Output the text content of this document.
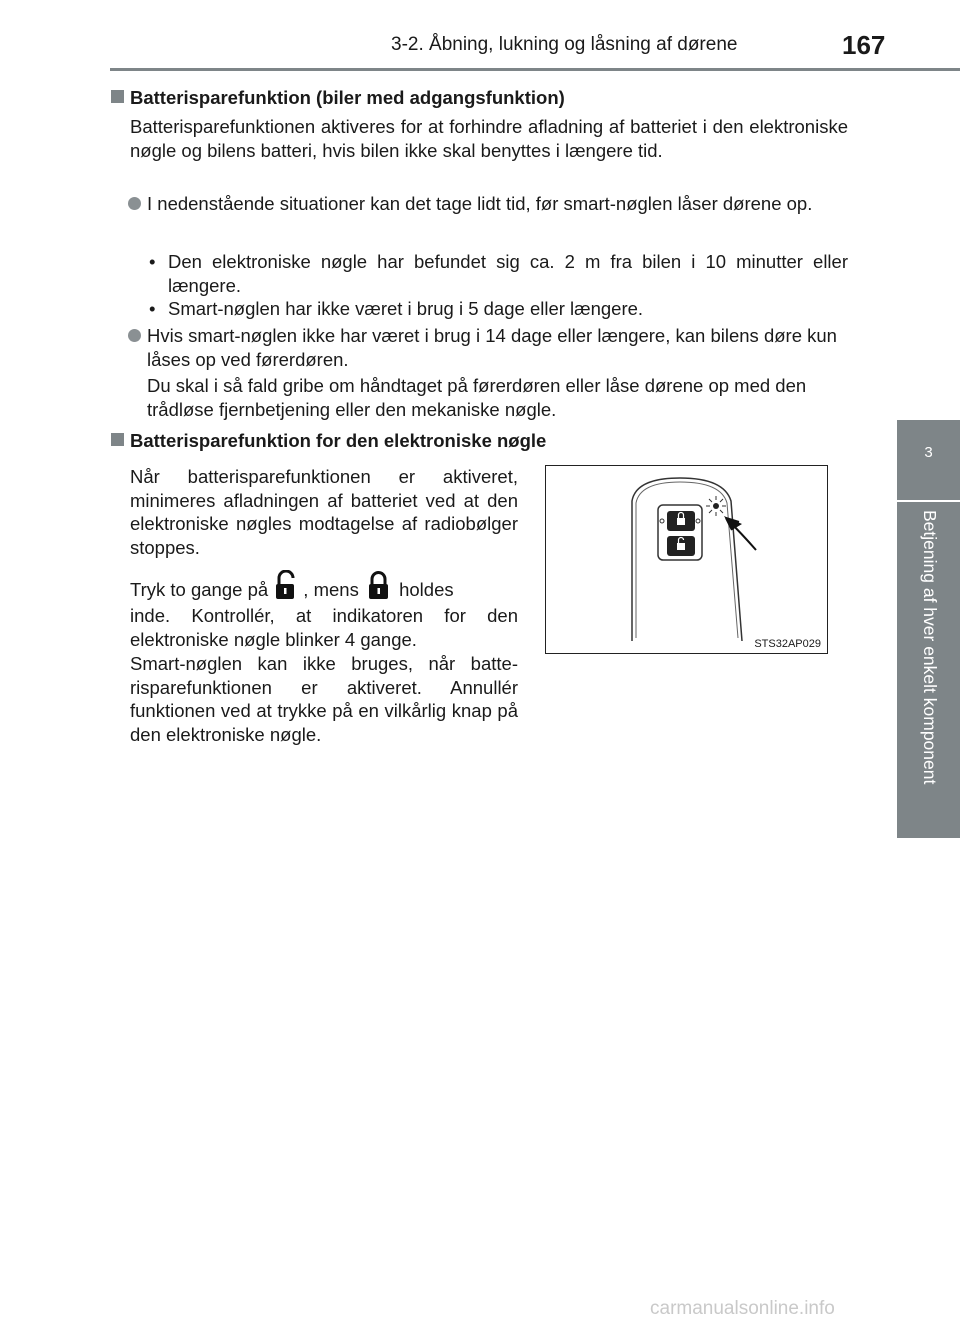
3-2. Åbning, lukning og låsning af dørene	167
3
Betjening af hver enkelt komponent
Batterisparefunktion (biler med adgangsfunktion)
Batterisparefunktionen aktiveres for at forhindre afladning af batteriet i den elektroniske nøgle og bilens batteri, hvis bilen ikke skal benyttes i længere tid.
I nedenstående situationer kan det tage lidt tid, før smart-nøglen låser dørene op.
• Den elektroniske nøgle har befundet sig ca. 2 m fra bilen i 10 minutter eller længere.
• Smart-nøglen har ikke været i brug i 5 dage eller længere.
Hvis smart-nøglen ikke har været i brug i 14 dage eller længere, kan bilens døre kun låses op ved førerdøren.
Du skal i så fald gribe om håndtaget på førerdøren eller låse dørene op med den trådløse fjernbetjening eller den mekaniske nøgle.
Batterisparefunktion for den elektroniske nøgle
Når batterisparefunktionen er aktiveret, minimeres afladningen af batteriet ved at den elektroniske nøgles modtagelse af radiobølger stoppes.
Tryk to gange på , mens holdes
inde. Kontrollér, at indikatoren for den elektroniske nøgle blinker 4 gange.
Smart-nøglen kan ikke bruges, når batte-risparefunktionen er aktiveret. Annullér funktionen ved at trykke på en vilkårlig knap på den elektroniske nøgle.
STS32AP029
carmanualsonline.info
